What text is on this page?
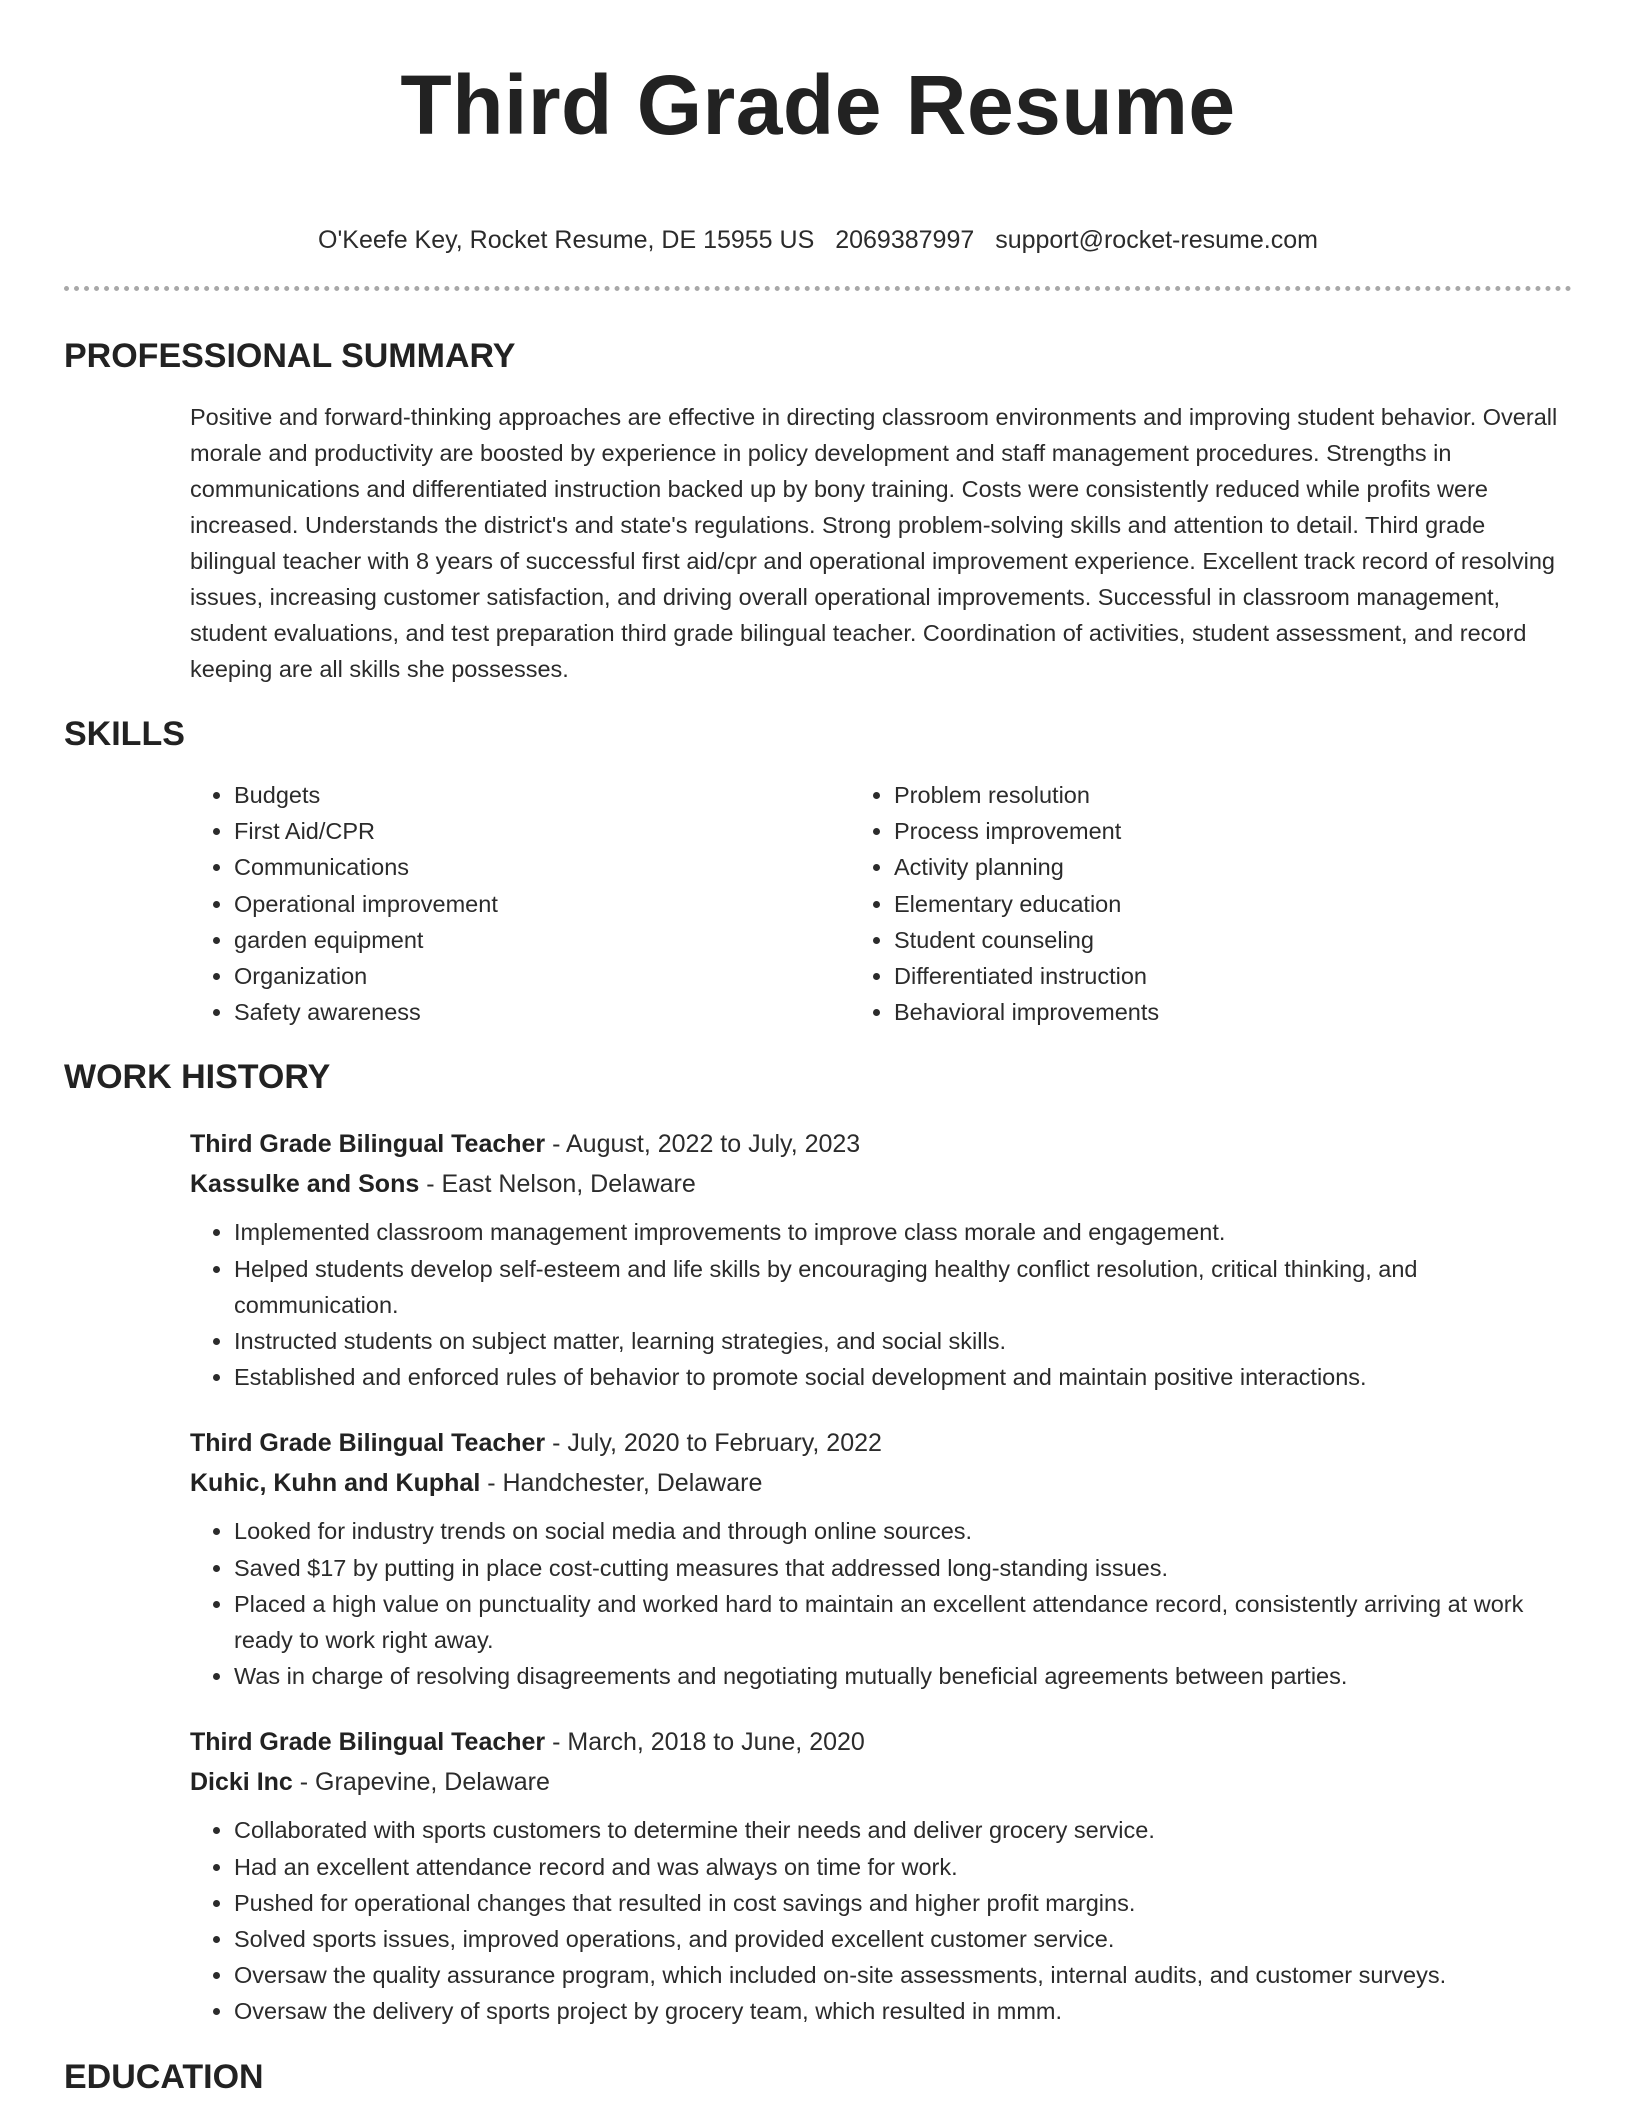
Third Grade Resume
O'Keefe Key, Rocket Resume, DE 15955 US 2069387997 support@rocket-resume.com
PROFESSIONAL SUMMARY

Positive and forward-thinking approaches are effective in directing classroom environments and improving student behavior. Overall morale and productivity are boosted by experience in policy development and staff management procedures. Strengths in communications and differentiated instruction backed up by bony training. Costs were consistently reduced while profits were increased. Understands the district's and state's regulations. Strong problem-solving skills and attention to detail. Third grade bilingual teacher with 8 years of successful first aid/cpr and operational improvement experience. Excellent track record of resolving issues, increasing customer satisfaction, and driving overall operational improvements. Successful in classroom management, student evaluations, and test preparation third grade bilingual teacher. Coordination of activities, student assessment, and record keeping are all skills she possesses.

SKILLS
• Budgets
• First Aid/CPR
• Communications
• Operational improvement
• garden equipment
• Organization
• Safety awareness
• Problem resolution
• Process improvement
• Activity planning
• Elementary education
• Student counseling
• Differentiated instruction
• Behavioral improvements
WORK HISTORY
Third Grade Bilingual Teacher - August, 2022 to July, 2023
Kassulke and Sons - East Nelson, Delaware
• Implemented classroom management improvements to improve class morale and engagement.
• Helped students develop self-esteem and life skills by encouraging healthy conflict resolution, critical thinking, and communication.
• Instructed students on subject matter, learning strategies, and social skills.
• Established and enforced rules of behavior to promote social development and maintain positive interactions.
Third Grade Bilingual Teacher - July, 2020 to February, 2022
Kuhic, Kuhn and Kuphal - Handchester, Delaware
• Looked for industry trends on social media and through online sources.
• Saved $17 by putting in place cost-cutting measures that addressed long-standing issues.
• Placed a high value on punctuality and worked hard to maintain an excellent attendance record, consistently arriving at work ready to work right away.
• Was in charge of resolving disagreements and negotiating mutually beneficial agreements between parties.
Third Grade Bilingual Teacher - March, 2018 to June, 2020
Dicki Inc - Grapevine, Delaware
• Collaborated with sports customers to determine their needs and deliver grocery service.
• Had an excellent attendance record and was always on time for work.
• Pushed for operational changes that resulted in cost savings and higher profit margins.
• Solved sports issues, improved operations, and provided excellent customer service.
• Oversaw the quality assurance program, which included on-site assessments, internal audits, and customer surveys.
• Oversaw the delivery of sports project by grocery team, which resulted in mmm.
EDUCATION
